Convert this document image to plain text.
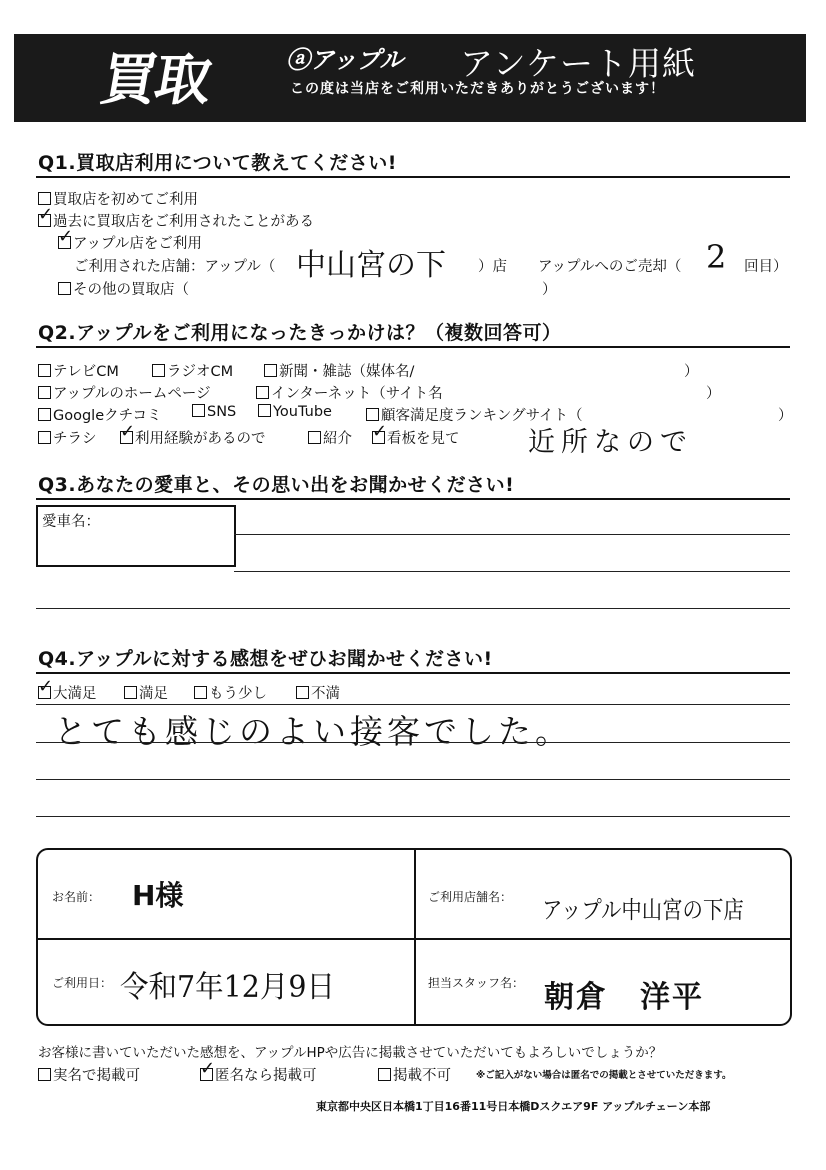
買取	ⓐアップル アンケート用紙
この度は当店をご利用いただきありがとうございます！
Q1.買取店利用について教えてください!
買取店を初めてご利用
過去に買取店をご利用されたことがある
✓
アップル店をご利用
✓
ご利用された店舗：アップル（ 中山宮の下 ）店 アップルへのご売却（ 2 回目）
その他の買取店（	）
Q2.アップルをご利用になったきっかけは？（複数回答可）
テレビCM	ラジオCM	新聞・雑誌（媒体名/	）
アップルのホームページ	インターネット（サイト名	）
Googleクチコミ	SNS	YouTube	顧客満足度ランキングサイト（	）
チラシ	利用経験があるので
✓	紹介	看板を見て
✓	近所なので
Q3.あなたの愛車と、その思い出をお聞かせください!
愛車名：
Q4.アップルに対する感想をぜひお聞かせください!
大満足
✓	満足	もう少し	不満
とても感じのよい接客でした。
お名前： H様	ご利用店舗名： アップル中山宮の下店
ご利用日： 令和7年12月9日	担当スタッフ名： 朝倉　洋平
お客様に書いていただいた感想を、アップルHPや広告に掲載させていただいてもよろしいでしょうか？
実名で掲載可	匿名なら掲載可
✓	掲載不可	※ご記入がない場合は匿名での掲載とさせていただきます。
東京都中央区日本橋1丁目16番11号日本橋Dスクエア9F アップルチェーン本部
